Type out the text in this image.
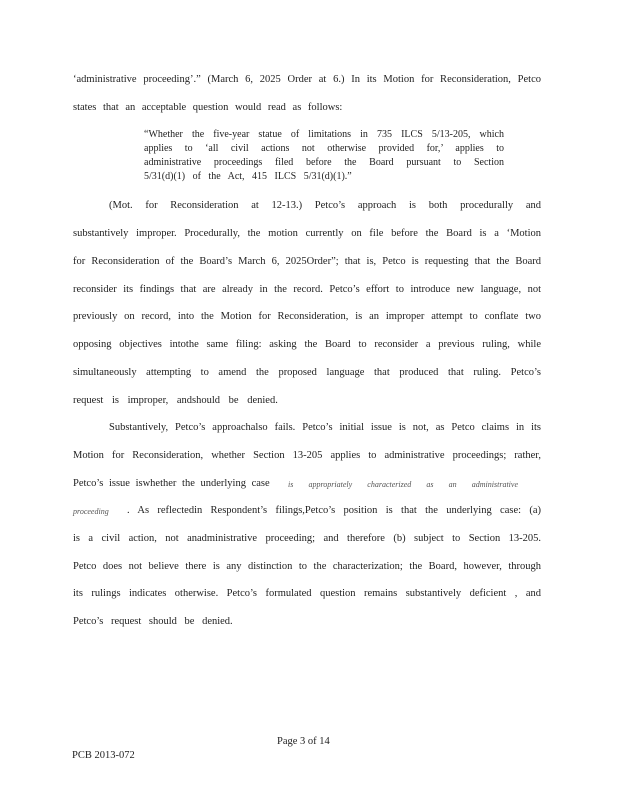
‘administrative proceeding’.” (March 6, 2025 Order at 6.) In its Motion for Reconsideration, Petco
states that an acceptable question would read as follows:
“Whether the five-year statue of limitations in 735 ILCS 5/13-205, which
applies to ‘all civil actions not otherwise provided for,’ applies to
administrative proceedings filed before the Board pursuant to Section
5/31(d)(1) of the Act, 415 ILCS 5/31(d)(1).”
(Mot. for Reconsideration at 12-13.) Petco’s approach is both procedurally and
substantively improper. Procedurally, the motion currently on file before the Board is a ‘Motion
for Reconsideration of the Board’s March 6, 2025Order”; that is, Petco is requesting that the Board
reconsider its findings that are already in the record. Petco’s effort to introduce new language, not
previously on record, into the Motion for Reconsideration, is an improper attempt to conflate two
opposing objectives intothe same filing: asking the Board to reconsider a previous ruling, while
simultaneously attempting to amend the proposed language that produced that ruling. Petco’s
request is improper, andshould be denied.
Substantively, Petco’s approachalso fails. Petco’s initial issue is not, as Petco claims in its
Motion for Reconsideration, whether Section 13-205 applies to administrative proceedings; rather,
Petco’s issue iswhether the underlying case is appropriately characterized as an administrative
proceeding . As reflectedin Respondent’s filings,Petco’s position is that the underlying case: (a)
is a civil action, not anadministrative proceeding; and therefore (b) subject to Section 13-205.
Petco does not believe there is any distinction to the characterization; the Board, however, through
its rulings indicates otherwise. Petco’s formulated question remains substantively deficient , and
Petco’s request should be denied.
Page 3 of 14
PCB 2013-072
